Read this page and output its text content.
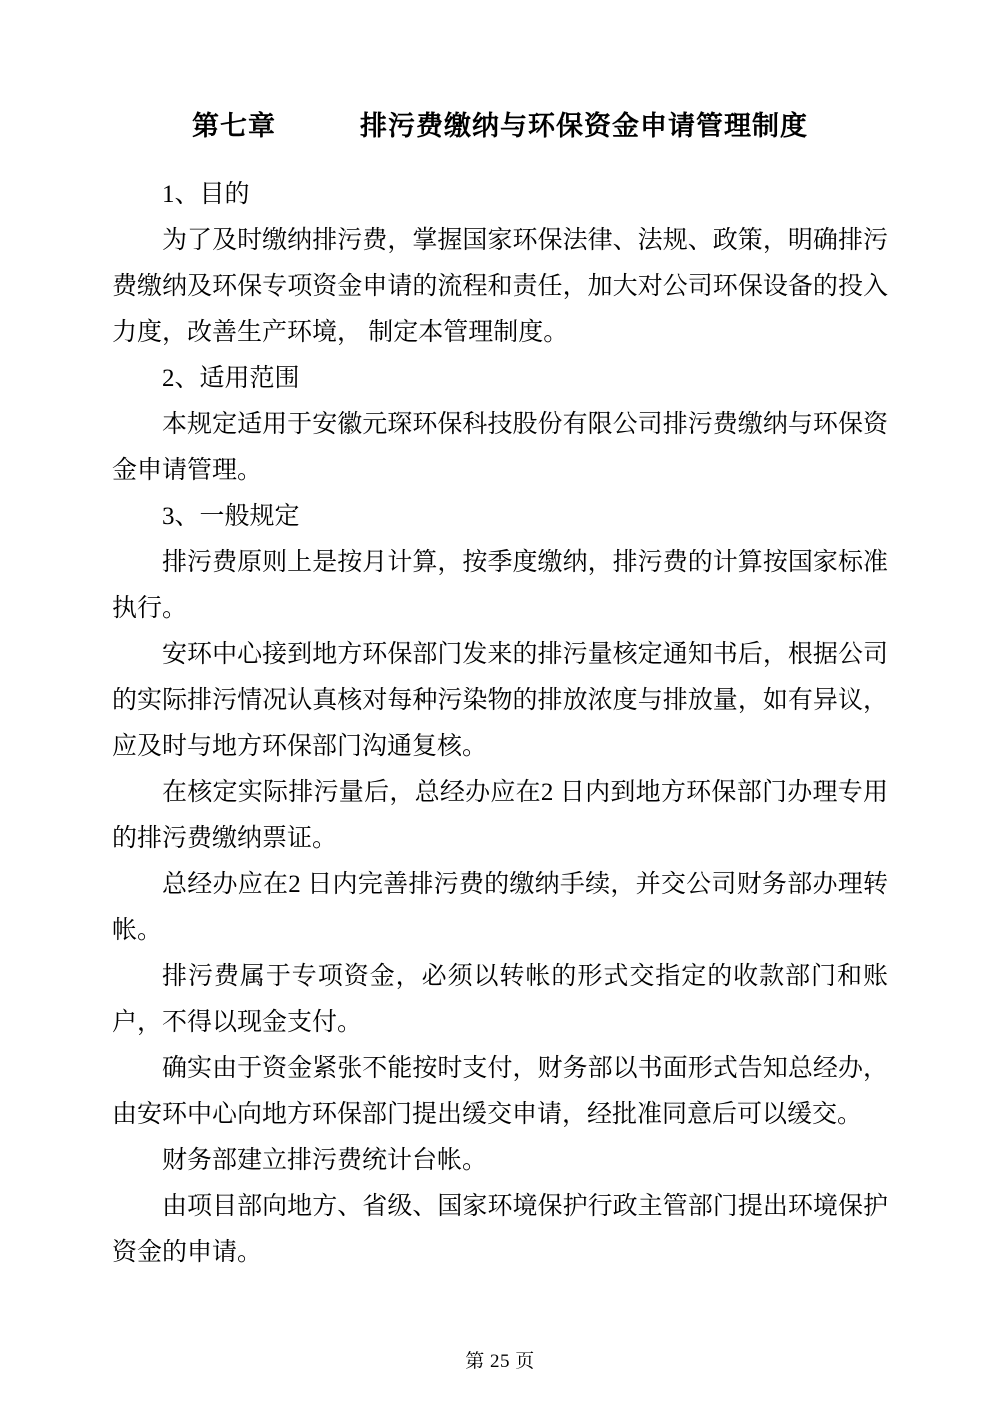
第七章　　　排污费缴纳与环保资金申请管理制度

1、目的

为了及时缴纳排污费，掌握国家环保法律、法规、政策，明确排污费缴纳及环保专项资金申请的流程和责任，加大对公司环保设备的投入力度，改善生产环境， 制定本管理制度。

2、适用范围

本规定适用于安徽元琛环保科技股份有限公司排污费缴纳与环保资金申请管理。

3、一般规定

排污费原则上是按月计算，按季度缴纳，排污费的计算按国家标准执行。

安环中心接到地方环保部门发来的排污量核定通知书后，根据公司的实际排污情况认真核对每种污染物的排放浓度与排放量，如有异议，应及时与地方环保部门沟通复核。

在核定实际排污量后，总经办应在2 日内到地方环保部门办理专用的排污费缴纳票证。

总经办应在2 日内完善排污费的缴纳手续，并交公司财务部办理转帐。

排污费属于专项资金，必须以转帐的形式交指定的收款部门和账户，不得以现金支付。

确实由于资金紧张不能按时支付，财务部以书面形式告知总经办，由安环中心向地方环保部门提出缓交申请，经批准同意后可以缓交。

财务部建立排污费统计台帐。

由项目部向地方、省级、国家环境保护行政主管部门提出环境保护资金的申请。

第 25 页
